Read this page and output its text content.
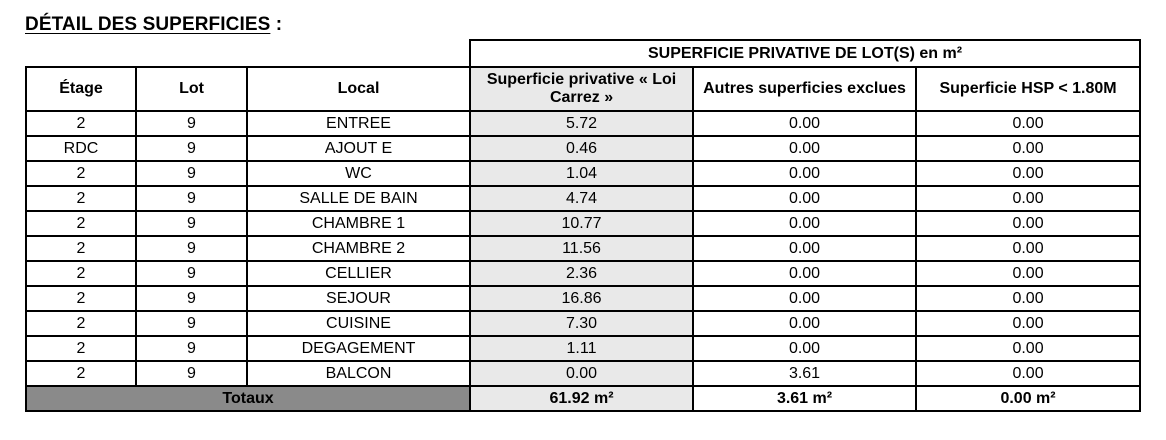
DÉTAIL DES SUPERFICIES :
			SUPERFICIE PRIVATIVE DE LOT(S) en m²		
Étage	Lot	Local	Superficie privative « Loi Carrez »	Autres superficies exclues	Superficie HSP < 1.80M
2	9	ENTREE	5.72	0.00	0.00
RDC	9	AJOUT E	0.46	0.00	0.00
2	9	WC	1.04	0.00	0.00
2	9	SALLE DE BAIN	4.74	0.00	0.00
2	9	CHAMBRE 1	10.77	0.00	0.00
2	9	CHAMBRE 2	11.56	0.00	0.00
2	9	CELLIER	2.36	0.00	0.00
2	9	SEJOUR	16.86	0.00	0.00
2	9	CUISINE	7.30	0.00	0.00
2	9	DEGAGEMENT	1.11	0.00	0.00
2	9	BALCON	0.00	3.61	0.00
Totaux			61.92 m²	3.61 m²	0.00 m²
